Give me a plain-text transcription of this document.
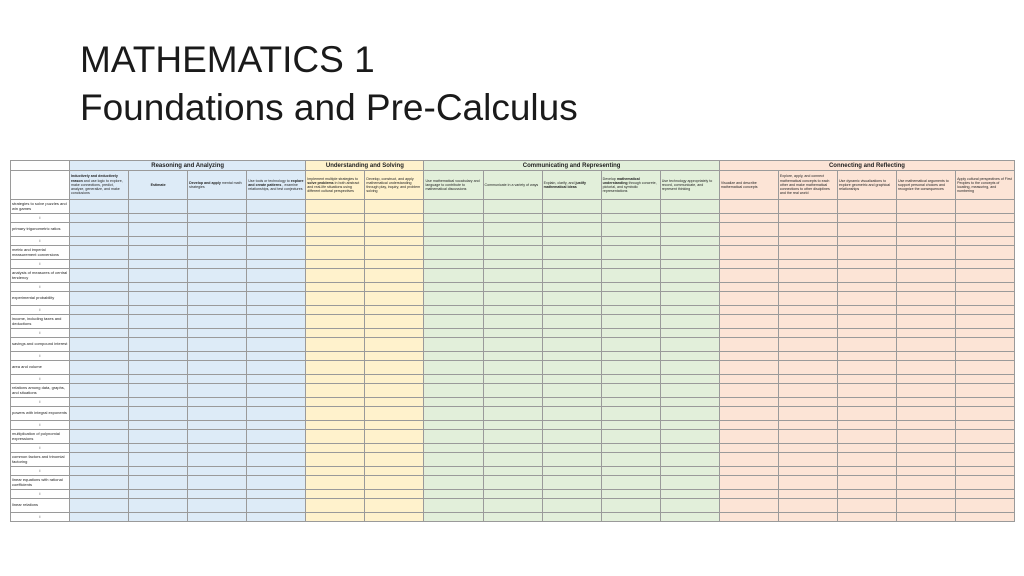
MATHEMATICS 1
Foundations and Pre-Calculus
	Reasoning and Analyzing				Understanding and Solving		Communicating and Representing					Connecting and Reflecting				
	Inductively and deductively reason and use logic to explore, make connections, predict, analyze, generalize, and make conclusions	Estimate	Develop and apply mental math strategies	Use tools or technology to explore and create patterns , examine relationships, and test conjectures	Implement multiple strategies to solve problems in both abstract and real-life situations using different cultural perspectives	Develop, construct, and apply mathematical understanding through play, inquiry, and problem solving	Use mathematical vocabulary and language to contribute to mathematical discussions	Communicate in a variety of ways	Explain, clarify, and justify mathematical ideas	Develop mathematical understanding through concrete, pictorial, and symbolic representations	Use technology appropriately to record, communicate, and represent thinking	Visualize and describe mathematical concepts	Explore, apply, and connect mathematical concepts to each other and make mathematical connections to other disciplines and the real world	Use dynamic visualizations to explore geometric and graphical relationships	Use mathematical arguments to support personal choices and recognize the consequences	Apply cultural perspectives of First Peoples to the concepts of locating, measuring, and numbering
strategies to solve puzzles and win games																
i																
primary trigonometric ratios																
i																
metric and imperial measurement conversions																
i																
analysis of measures of central tendency																
i																
experimental probability																
i																
income, including taxes and deductions																
i																
savings and compound interest																
i																
area and volume																
i																
relations among data, graphs, and situations																
i																
powers with integral exponents																
i																
multiplication of polynomial expressions																
i																
common factors and trinomial factoring																
i																
linear equations with rational coefficients																
i																
linear relations																
i																
